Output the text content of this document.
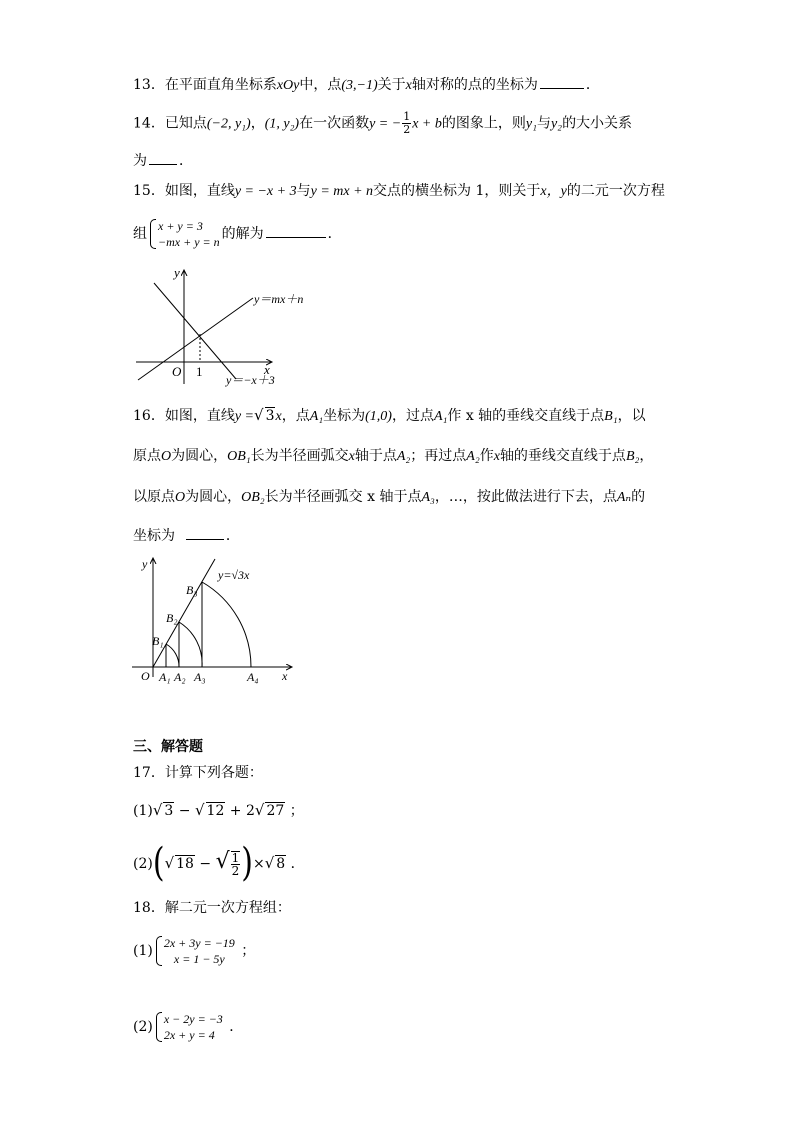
13．在平面直角坐标系xOy中，点(3,−1)关于x轴对称的点的坐标为	．
14．已知点(−2, y₁)，(1, y₂)在一次函数y = − $\frac{1}{2}$ x + b的图象上，则y₁与y₂的大小关系
为 ．
15．如图，直线y = −x + 3与y = mx + n交点的横坐标为 1，则关于x，y的二元一次方程
组 x + y = 3
−mx + y = n 的解为	．
y
x
O 1
y＝mx＋n
y＝−x＋3
16．如图，直线y =√ 3x，点A₁坐标为(1,0)，过点A₁作 x 轴的垂线交直线于点B₁，以
原点O为圆心，OB₁长为半径画弧交x轴于点A₂；再过点A₂作x轴的垂线交直线于点B₂，
以原点O为圆心，OB₂长为半径画弧交 x 轴于点A₃，…，按此做法进行下去，点Aₙ的
坐标为	．
y
x
O
y=√3x
B₁
B₂
B₃
A₁ A₂ A₃	A₄
三、解答题
17．计算下列各题：
(1)√ 3 − √ 12 + 2√ 27 ；
(2)(√ 18 − √ $\frac{1}{2}$ )×√ 8 ．
18．解二元一次方程组：
(1) 2x + 3y = −19
x = 1 − 5y	；
(2) x − 2y = −3
2x + y = 4	．
